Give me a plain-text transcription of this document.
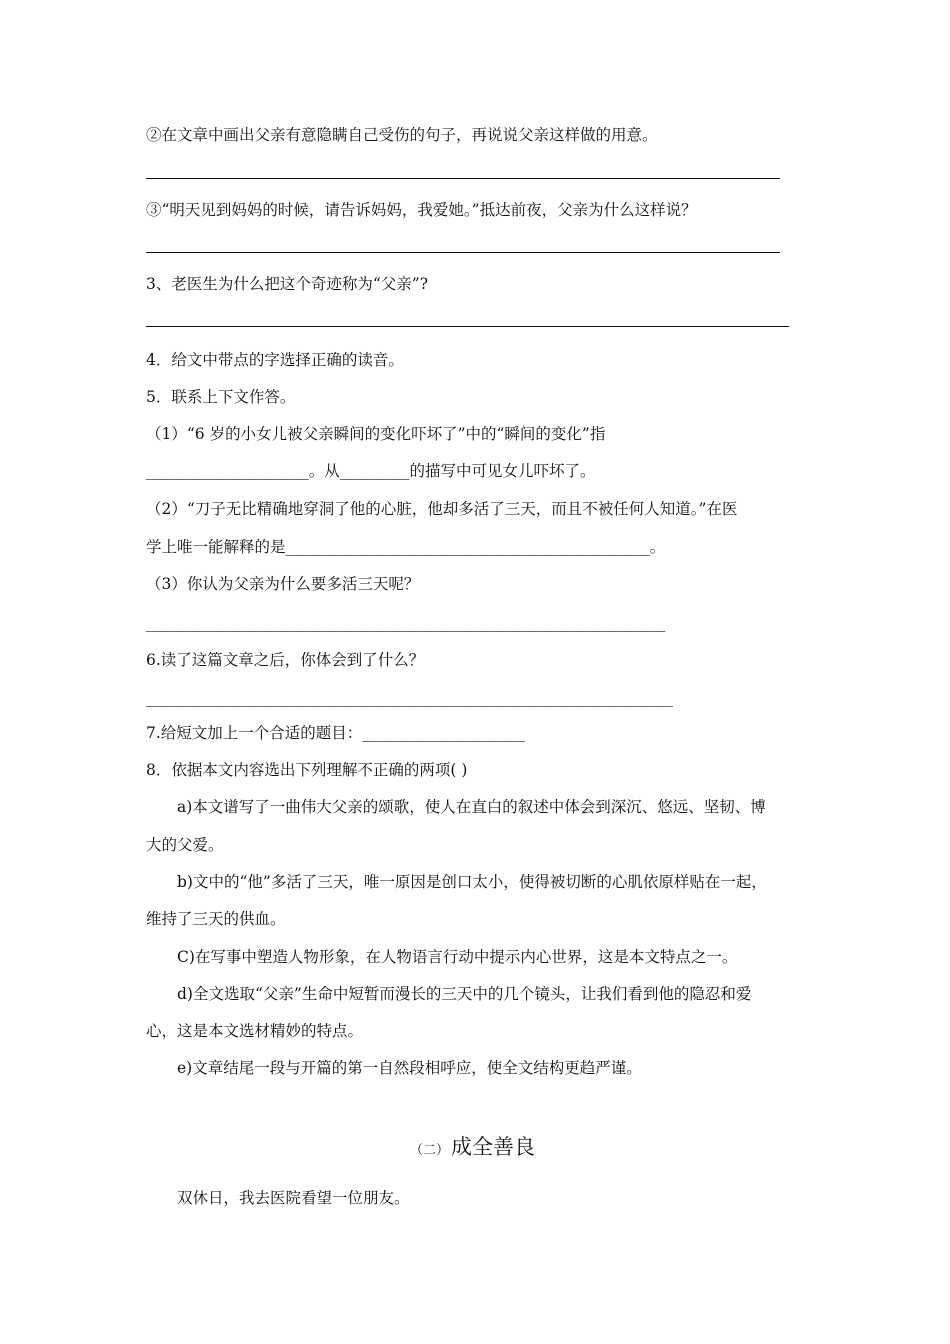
②在文章中画出父亲有意隐瞒自己受伤的句子，再说说父亲这样做的用意。
③“明天见到妈妈的时候，请告诉妈妈，我爱她。”抵达前夜，父亲为什么这样说？
3、老医生为什么把这个奇迹称为“父亲”?
4．给文中带点的字选择正确的读音。
5．联系上下文作答。
（1）“6 岁的小女儿被父亲瞬间的变化吓坏了”中的“瞬间的变化”指
_____________________。从_________的描写中可见女儿吓坏了。
（2）“刀子无比精确地穿洞了他的心脏，他却多活了三天，而且不被任何人知道。”在医
学上唯一能解释的是_______________________________________________。
（3）你认为父亲为什么要多活三天呢？
___________________________________________________________________
6.读了这篇文章之后，你体会到了什么？
____________________________________________________________________
7.给短文加上一个合适的题目：_____________________
8．依据本文内容选出下列理解不正确的两项( )
a)本文谱写了一曲伟大父亲的颂歌，使人在直白的叙述中体会到深沉、悠远、坚韧、博
大的父爱。
b)文中的“他”多活了三天，唯一原因是创口太小，使得被切断的心肌依原样贴在一起，
维持了三天的供血。
C)在写事中塑造人物形象，在人物语言行动中提示内心世界，这是本文特点之一。
d)全文选取“父亲”生命中短暂而漫长的三天中的几个镜头，让我们看到他的隐忍和爱
心，这是本文选材精妙的特点。
e)文章结尾一段与开篇的第一自然段相呼应，使全文结构更趋严谨。
（二）成全善良
双休日，我去医院看望一位朋友。
